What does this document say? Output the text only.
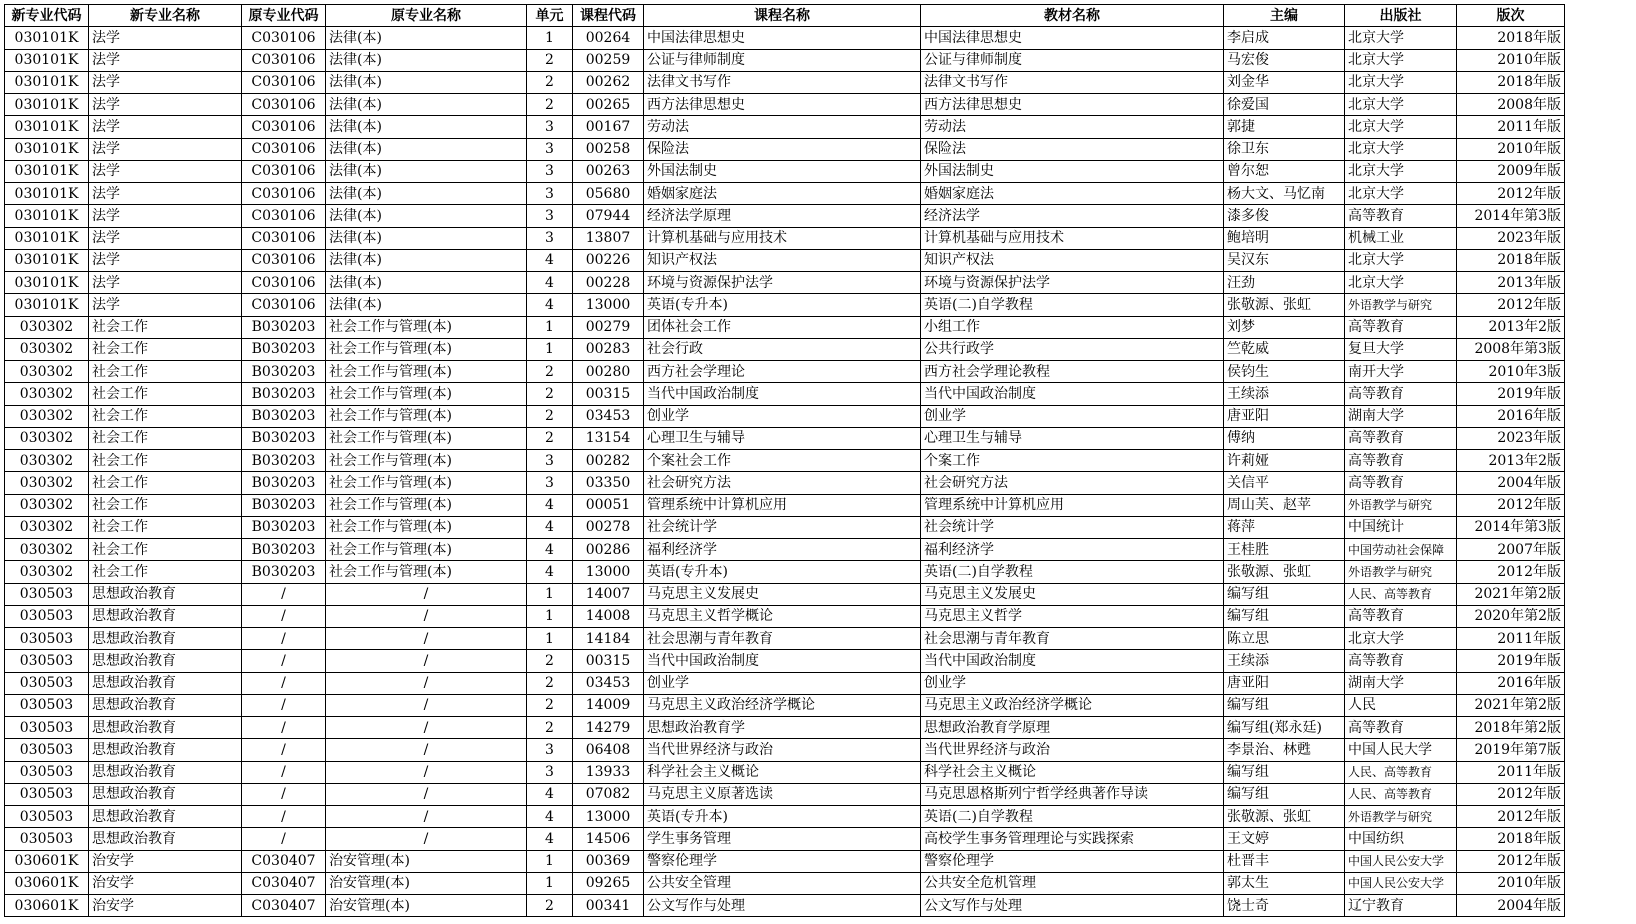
新专业代码	新专业名称	原专业代码	原专业名称	单元	课程代码	课程名称	教材名称	主编	出版社	版次
030101K	法学	C030106	法律(本)	1	00264	中国法律思想史	中国法律思想史	李启成	北京大学	2018年版
030101K	法学	C030106	法律(本)	2	00259	公证与律师制度	公证与律师制度	马宏俊	北京大学	2010年版
030101K	法学	C030106	法律(本)	2	00262	法律文书写作	法律文书写作	刘金华	北京大学	2018年版
030101K	法学	C030106	法律(本)	2	00265	西方法律思想史	西方法律思想史	徐爱国	北京大学	2008年版
030101K	法学	C030106	法律(本)	3	00167	劳动法	劳动法	郭捷	北京大学	2011年版
030101K	法学	C030106	法律(本)	3	00258	保险法	保险法	徐卫东	北京大学	2010年版
030101K	法学	C030106	法律(本)	3	00263	外国法制史	外国法制史	曾尔恕	北京大学	2009年版
030101K	法学	C030106	法律(本)	3	05680	婚姻家庭法	婚姻家庭法	杨大文、马忆南	北京大学	2012年版
030101K	法学	C030106	法律(本)	3	07944	经济法学原理	经济法学	漆多俊	高等教育	2014年第3版
030101K	法学	C030106	法律(本)	3	13807	计算机基础与应用技术	计算机基础与应用技术	鲍培明	机械工业	2023年版
030101K	法学	C030106	法律(本)	4	00226	知识产权法	知识产权法	吴汉东	北京大学	2018年版
030101K	法学	C030106	法律(本)	4	00228	环境与资源保护法学	环境与资源保护法学	汪劲	北京大学	2013年版
030101K	法学	C030106	法律(本)	4	13000	英语(专升本)	英语(二)自学教程	张敬源、张虹	外语教学与研究	2012年版
030302	社会工作	B030203	社会工作与管理(本)	1	00279	团体社会工作	小组工作	刘梦	高等教育	2013年2版
030302	社会工作	B030203	社会工作与管理(本)	1	00283	社会行政	公共行政学	竺乾威	复旦大学	2008年第3版
030302	社会工作	B030203	社会工作与管理(本)	2	00280	西方社会学理论	西方社会学理论教程	侯钧生	南开大学	2010年3版
030302	社会工作	B030203	社会工作与管理(本)	2	00315	当代中国政治制度	当代中国政治制度	王续添	高等教育	2019年版
030302	社会工作	B030203	社会工作与管理(本)	2	03453	创业学	创业学	唐亚阳	湖南大学	2016年版
030302	社会工作	B030203	社会工作与管理(本)	2	13154	心理卫生与辅导	心理卫生与辅导	傅纳	高等教育	2023年版
030302	社会工作	B030203	社会工作与管理(本)	3	00282	个案社会工作	个案工作	许莉娅	高等教育	2013年2版
030302	社会工作	B030203	社会工作与管理(本)	3	03350	社会研究方法	社会研究方法	关信平	高等教育	2004年版
030302	社会工作	B030203	社会工作与管理(本)	4	00051	管理系统中计算机应用	管理系统中计算机应用	周山芙、赵苹	外语教学与研究	2012年版
030302	社会工作	B030203	社会工作与管理(本)	4	00278	社会统计学	社会统计学	蒋萍	中国统计	2014年第3版
030302	社会工作	B030203	社会工作与管理(本)	4	00286	福利经济学	福利经济学	王桂胜	中国劳动社会保障	2007年版
030302	社会工作	B030203	社会工作与管理(本)	4	13000	英语(专升本)	英语(二)自学教程	张敬源、张虹	外语教学与研究	2012年版
030503	思想政治教育	/	/	1	14007	马克思主义发展史	马克思主义发展史	编写组	人民、高等教育	2021年第2版
030503	思想政治教育	/	/	1	14008	马克思主义哲学概论	马克思主义哲学	编写组	高等教育	2020年第2版
030503	思想政治教育	/	/	1	14184	社会思潮与青年教育	社会思潮与青年教育	陈立思	北京大学	2011年版
030503	思想政治教育	/	/	2	00315	当代中国政治制度	当代中国政治制度	王续添	高等教育	2019年版
030503	思想政治教育	/	/	2	03453	创业学	创业学	唐亚阳	湖南大学	2016年版
030503	思想政治教育	/	/	2	14009	马克思主义政治经济学概论	马克思主义政治经济学概论	编写组	人民	2021年第2版
030503	思想政治教育	/	/	2	14279	思想政治教育学	思想政治教育学原理	编写组(郑永廷)	高等教育	2018年第2版
030503	思想政治教育	/	/	3	06408	当代世界经济与政治	当代世界经济与政治	李景治、林甦	中国人民大学	2019年第7版
030503	思想政治教育	/	/	3	13933	科学社会主义概论	科学社会主义概论	编写组	人民、高等教育	2011年版
030503	思想政治教育	/	/	4	07082	马克思主义原著选读	马克思恩格斯列宁哲学经典著作导读	编写组	人民、高等教育	2012年版
030503	思想政治教育	/	/	4	13000	英语(专升本)	英语(二)自学教程	张敬源、张虹	外语教学与研究	2012年版
030503	思想政治教育	/	/	4	14506	学生事务管理	高校学生事务管理理论与实践探索	王文婷	中国纺织	2018年版
030601K	治安学	C030407	治安管理(本)	1	00369	警察伦理学	警察伦理学	杜晋丰	中国人民公安大学	2012年版
030601K	治安学	C030407	治安管理(本)	1	09265	公共安全管理	公共安全危机管理	郭太生	中国人民公安大学	2010年版
030601K	治安学	C030407	治安管理(本)	2	00341	公文写作与处理	公文写作与处理	饶士奇	辽宁教育	2004年版
